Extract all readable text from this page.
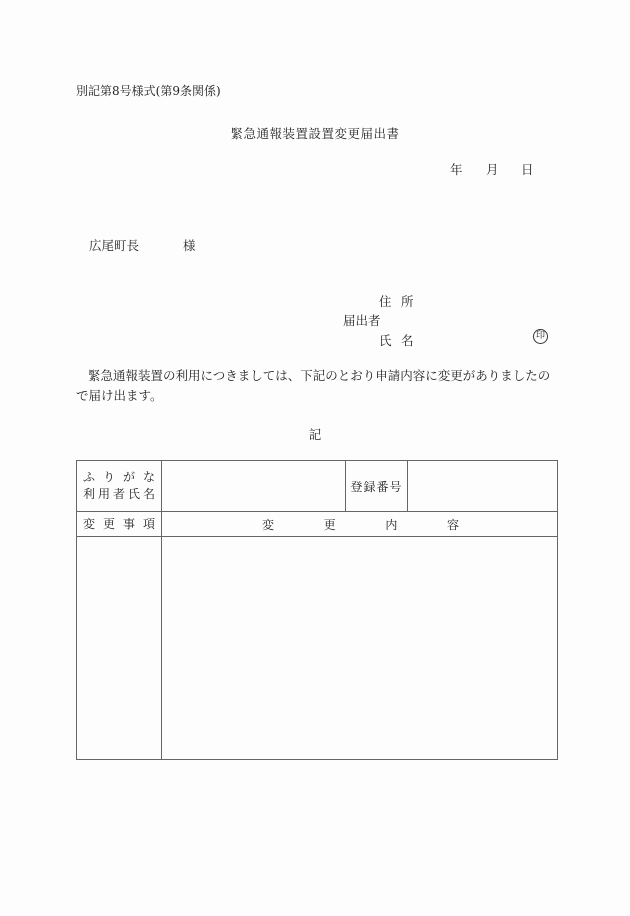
別記第8号様式(第9条関係)
緊急通報装置設置変更届出書
年 月 日
広尾町長	様
住 所
届出者
氏 名	印
緊急通報装置の利用につきましては、下記のとおり申請内容に変更がありましたので届け出ます。
記
ふ り が な
利 用 者 氏 名
		登録番号	

変 更 事 項	変 更 内 容		
